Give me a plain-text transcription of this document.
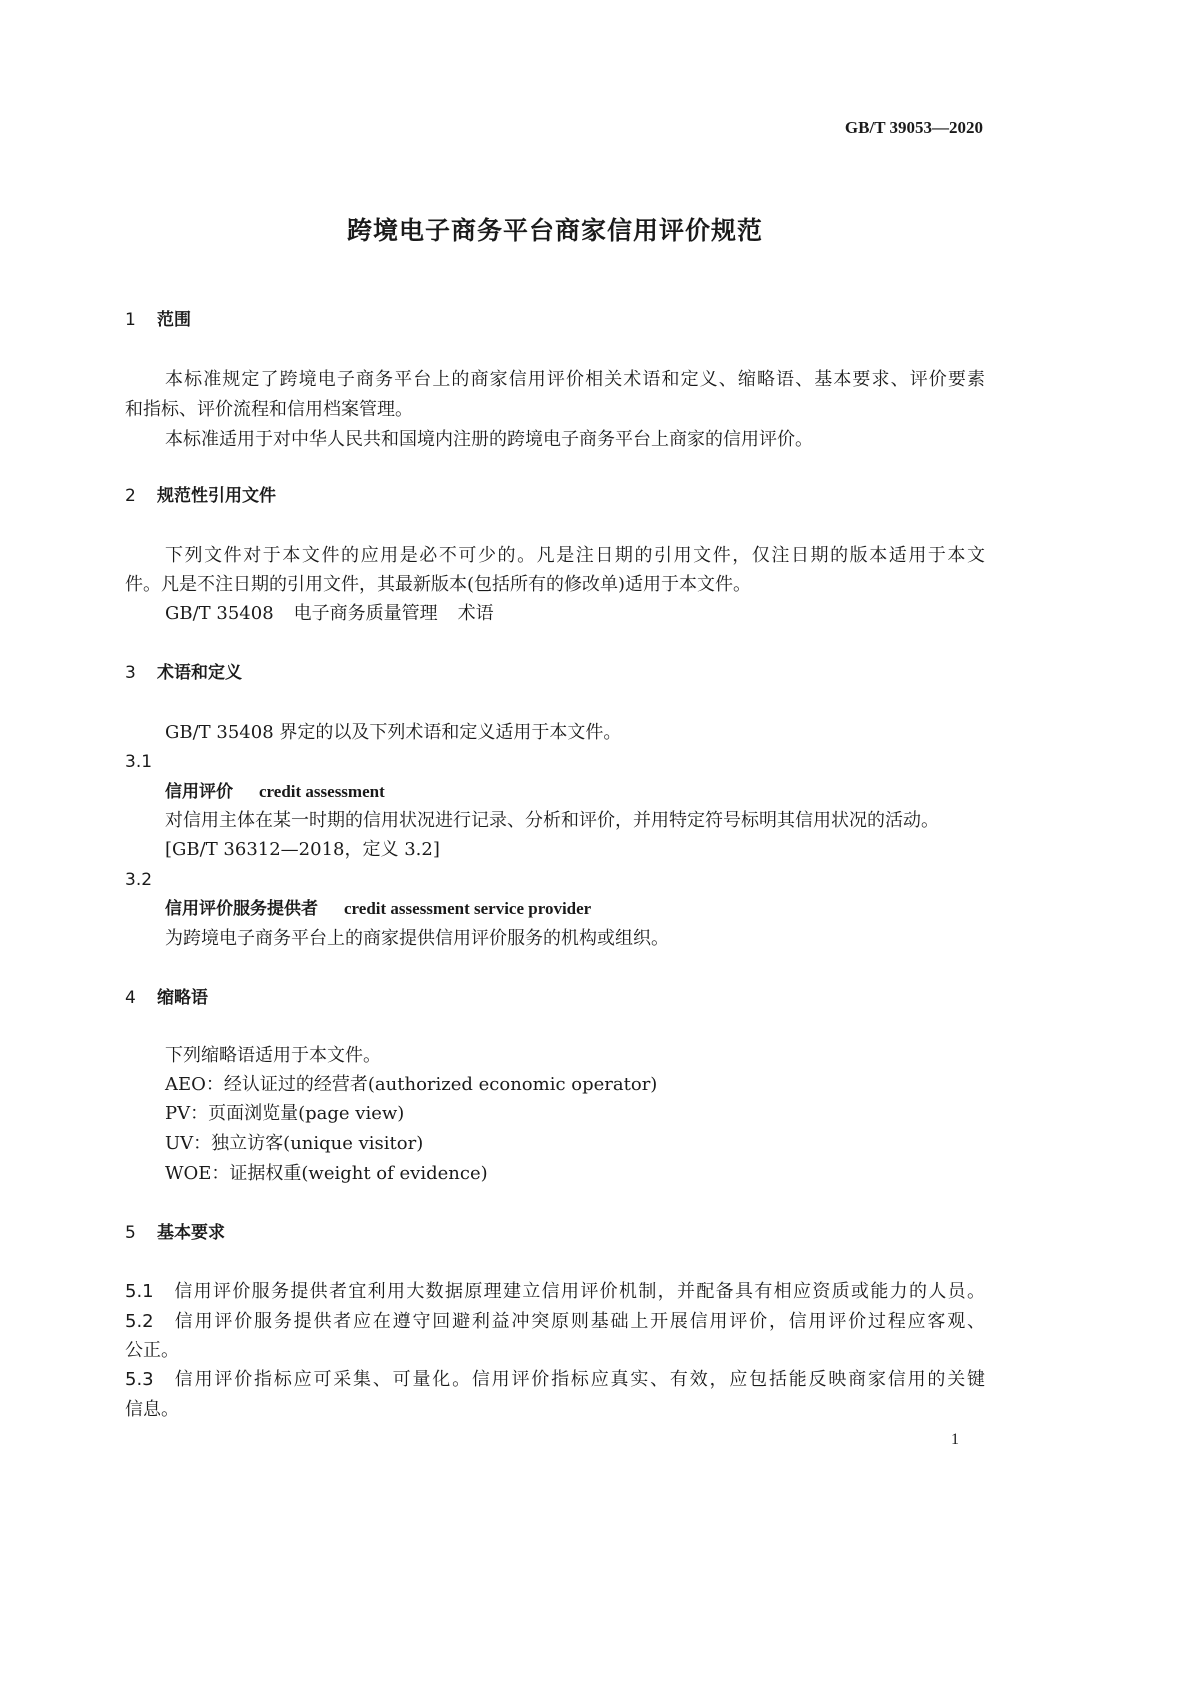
GB/T 39053—2020
跨境电子商务平台商家信用评价规范
1 范围
本标准规定了跨境电子商务平台上的商家信用评价相关术语和定义、缩略语、基本要求、评价要素
和指标、评价流程和信用档案管理。
本标准适用于对中华人民共和国境内注册的跨境电子商务平台上商家的信用评价。
2 规范性引用文件
下列文件对于本文件的应用是必不可少的。凡是注日期的引用文件，仅注日期的版本适用于本文
件。凡是不注日期的引用文件，其最新版本(包括所有的修改单)适用于本文件。
GB/T 35408 电子商务质量管理 术语
3 术语和定义
GB/T 35408 界定的以及下列术语和定义适用于本文件。
3.1
信用评价 credit assessment
对信用主体在某一时期的信用状况进行记录、分析和评价，并用特定符号标明其信用状况的活动。
[GB/T 36312—2018，定义 3.2]
3.2
信用评价服务提供者 credit assessment service provider
为跨境电子商务平台上的商家提供信用评价服务的机构或组织。
4 缩略语
下列缩略语适用于本文件。
AEO：经认证过的经营者(authorized economic operator)
PV：页面浏览量(page view)
UV：独立访客(unique visitor)
WOE：证据权重(weight of evidence)
5 基本要求
5.1 信用评价服务提供者宜利用大数据原理建立信用评价机制，并配备具有相应资质或能力的人员。
5.2 信用评价服务提供者应在遵守回避利益冲突原则基础上开展信用评价，信用评价过程应客观、
公正。
5.3 信用评价指标应可采集、可量化。信用评价指标应真实、有效，应包括能反映商家信用的关键
信息。
1
